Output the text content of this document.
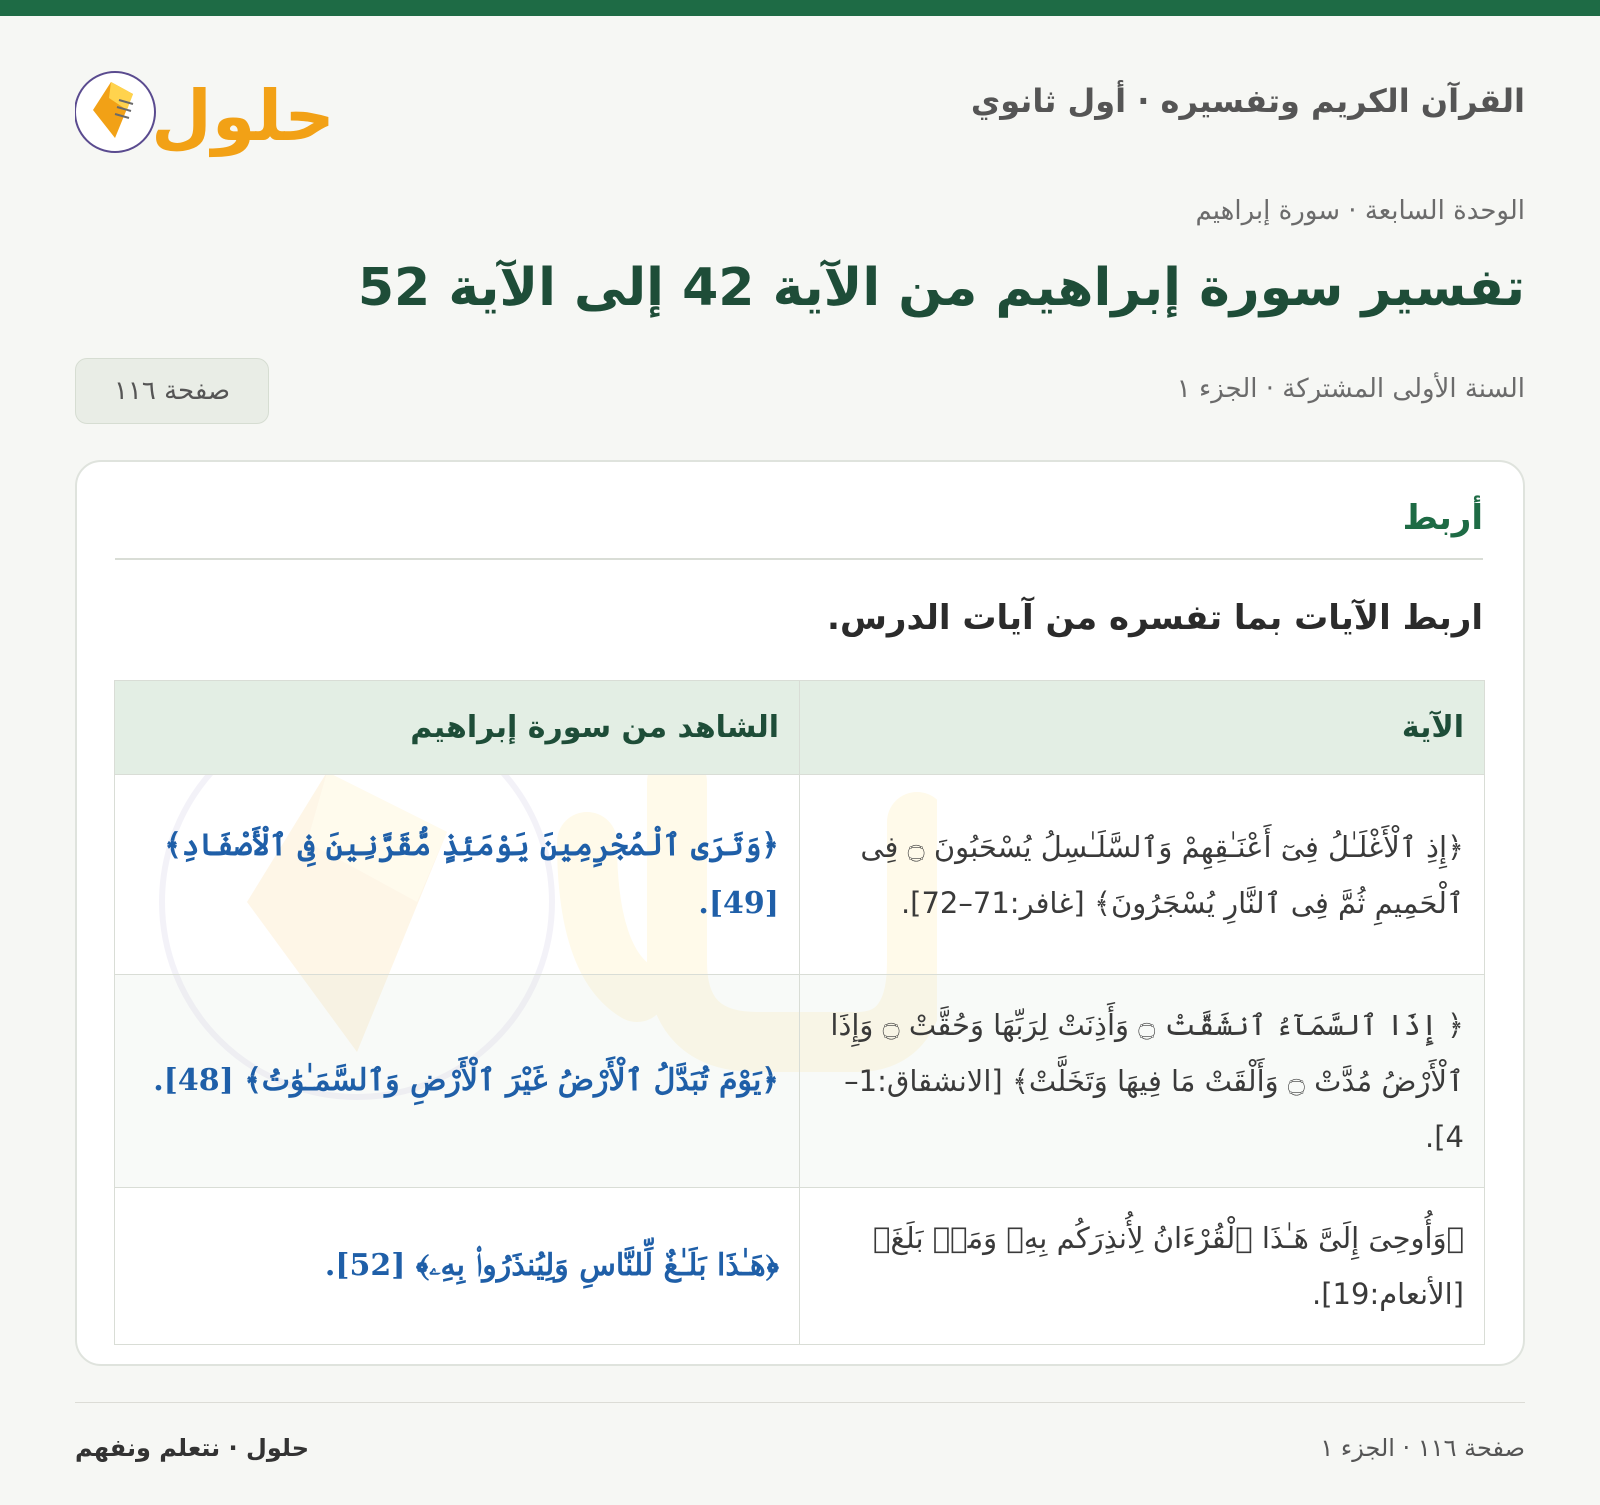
القرآن الكريم وتفسيره · أول ثانوي
حلول
الوحدة السابعة · سورة إبراهيم
تفسير سورة إبراهيم من الآية 42 إلى الآية 52
السنة الأولى المشتركة · الجزء ١
صفحة ١١٦
أربط
اربط الآيات بما تفسره من آيات الدرس.
الآية	الشاهد من سورة إبراهيم

﴿إِذِ ٱلْأَغْلَـٰلُ فِىٓ أَعْنَـٰقِهِمْ وَٱلسَّلَـٰسِلُ يُسْحَبُونَ ۝ فِى ٱلْحَمِيمِ ثُمَّ فِى ٱلنَّارِ يُسْجَرُونَ﴾ [غافر:71–72].	﴿وَتَرَى ٱلْمُجْرِمِينَ يَوْمَئِذٍ مُّقَرَّنِينَ فِى ٱلْأَصْفَادِ﴾ [49].

﴿ إِذَا ٱلسَّمَآءُ ٱنشَقَّتْ ۝ وَأَذِنَتْ لِرَبِّهَا وَحُقَّتْ ۝ وَإِذَا ٱلْأَرْضُ مُدَّتْ ۝ وَأَلْقَتْ مَا فِيهَا وَتَخَلَّتْ﴾ [الانشقاق:1–4].	﴿يَوْمَ تُبَدَّلُ ٱلْأَرْضُ غَيْرَ ٱلْأَرْضِ وَٱلسَّمَـٰوَٰتُ﴾ [48].

﴿وَأُوحِىَ إِلَىَّ هَـٰذَا ٱلْقُرْءَانُ لِأُنذِرَكُم بِهِۦ وَمَنۢ بَلَغَ﴾ [الأنعام:19].	﴿هَـٰذَا بَلَـٰغٌ لِّلنَّاسِ وَلِيُنذَرُوا۟ بِهِۦ﴾ [52].
صفحة ١١٦ · الجزء ١
حلول · نتعلم ونفهم
